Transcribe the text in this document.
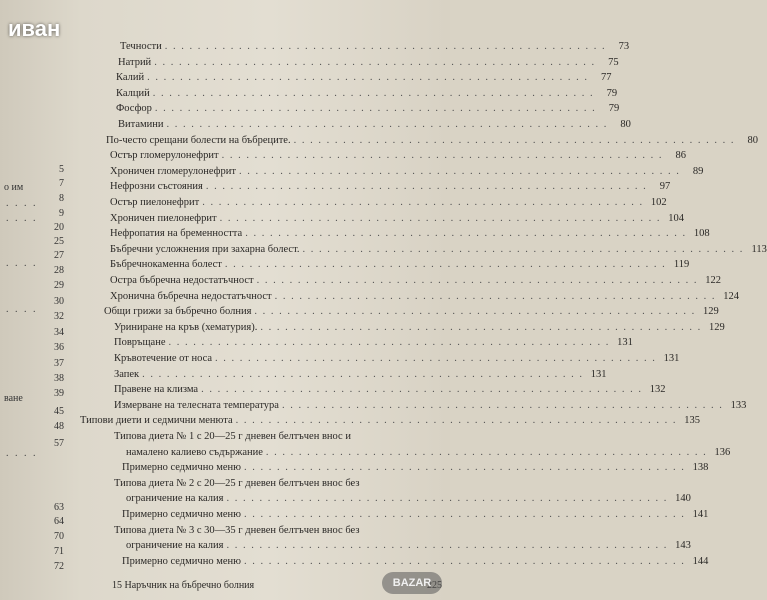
иван
о им
ване
. . . .
. . . .
. . . .
. . . .
. . . .
5
7
8
9
20
25
27
28
29
30
32
34
36
37
38
39
45
48
57
63
64
70
71
72
Течности . . . . . . . . . . . . . . . . . . . . . . . . . . . . . . . . . . . . . . . . . . . . . . . . . . . . . .	73
Натрий . . . . . . . . . . . . . . . . . . . . . . . . . . . . . . . . . . . . . . . . . . . . . . . . . . . . . .	75
Калий . . . . . . . . . . . . . . . . . . . . . . . . . . . . . . . . . . . . . . . . . . . . . . . . . . . . . .	77
Калций . . . . . . . . . . . . . . . . . . . . . . . . . . . . . . . . . . . . . . . . . . . . . . . . . . . . . .	79
Фосфор . . . . . . . . . . . . . . . . . . . . . . . . . . . . . . . . . . . . . . . . . . . . . . . . . . . . . .	79
Витамини . . . . . . . . . . . . . . . . . . . . . . . . . . . . . . . . . . . . . . . . . . . . . . . . . . . . . .	80
По-често срещани болести на бъбреците. . . . . . . . . . . . . . . . . . . . . . . . . . . . . . . . . . . . . . . . . . . . . . . . . . . . . . .	80
Остър гломерулонефрит . . . . . . . . . . . . . . . . . . . . . . . . . . . . . . . . . . . . . . . . . . . . . . . . . . . . . .	86
Хроничен гломерулонефрит . . . . . . . . . . . . . . . . . . . . . . . . . . . . . . . . . . . . . . . . . . . . . . . . . . . . . .	89
Нефрозни състояния . . . . . . . . . . . . . . . . . . . . . . . . . . . . . . . . . . . . . . . . . . . . . . . . . . . . . .	97
Остър пиелонефрит . . . . . . . . . . . . . . . . . . . . . . . . . . . . . . . . . . . . . . . . . . . . . . . . . . . . . . 102
Хроничен пиелонефрит . . . . . . . . . . . . . . . . . . . . . . . . . . . . . . . . . . . . . . . . . . . . . . . . . . . . . . 104
Нефропатия на бременността . . . . . . . . . . . . . . . . . . . . . . . . . . . . . . . . . . . . . . . . . . . . . . . . . . . . . . 108
Бъбречни усложнения при захарна болест. . . . . . . . . . . . . . . . . . . . . . . . . . . . . . . . . . . . . . . . . . . . . . . . . . . . . . . 113
Бъбречнокаменна болест . . . . . . . . . . . . . . . . . . . . . . . . . . . . . . . . . . . . . . . . . . . . . . . . . . . . . . 119
Остра бъбречна недостатъчност . . . . . . . . . . . . . . . . . . . . . . . . . . . . . . . . . . . . . . . . . . . . . . . . . . . . . . 122
Хронична бъбречна недостатъчност . . . . . . . . . . . . . . . . . . . . . . . . . . . . . . . . . . . . . . . . . . . . . . . . . . . . . . 124
Общи грижи за бъбречно болния . . . . . . . . . . . . . . . . . . . . . . . . . . . . . . . . . . . . . . . . . . . . . . . . . . . . . . 129
Уриниране на кръв (хематурия). . . . . . . . . . . . . . . . . . . . . . . . . . . . . . . . . . . . . . . . . . . . . . . . . . . . . . . 129
Повръщане . . . . . . . . . . . . . . . . . . . . . . . . . . . . . . . . . . . . . . . . . . . . . . . . . . . . . . 131
Кръвотечение от носа . . . . . . . . . . . . . . . . . . . . . . . . . . . . . . . . . . . . . . . . . . . . . . . . . . . . . . 131
Запек . . . . . . . . . . . . . . . . . . . . . . . . . . . . . . . . . . . . . . . . . . . . . . . . . . . . . . 131
Правене на клизма . . . . . . . . . . . . . . . . . . . . . . . . . . . . . . . . . . . . . . . . . . . . . . . . . . . . . . 132
Измерване на телесната температура . . . . . . . . . . . . . . . . . . . . . . . . . . . . . . . . . . . . . . . . . . . . . . . . . . . . . . 133
Типови диети и седмични менюта . . . . . . . . . . . . . . . . . . . . . . . . . . . . . . . . . . . . . . . . . . . . . . . . . . . . . . 135
Типова диета № 1 с 20—25 г дневен белтъчен внос и
намалено калиево съдържание . . . . . . . . . . . . . . . . . . . . . . . . . . . . . . . . . . . . . . . . . . . . . . . . . . . . . . 136
Примерно седмично меню . . . . . . . . . . . . . . . . . . . . . . . . . . . . . . . . . . . . . . . . . . . . . . . . . . . . . . 138
Типова диета № 2 с 20—25 г дневен белтъчен внос без
ограничение на калия . . . . . . . . . . . . . . . . . . . . . . . . . . . . . . . . . . . . . . . . . . . . . . . . . . . . . . 140
Примерно седмично меню . . . . . . . . . . . . . . . . . . . . . . . . . . . . . . . . . . . . . . . . . . . . . . . . . . . . . . 141
Типова диета № 3 с 30—35 г дневен белтъчен внос без
ограничение на калия . . . . . . . . . . . . . . . . . . . . . . . . . . . . . . . . . . . . . . . . . . . . . . . . . . . . . . 143
Примерно седмично меню . . . . . . . . . . . . . . . . . . . . . . . . . . . . . . . . . . . . . . . . . . . . . . . . . . . . . . 144
15 Наръчник на бъбречно болния	BAZAR
